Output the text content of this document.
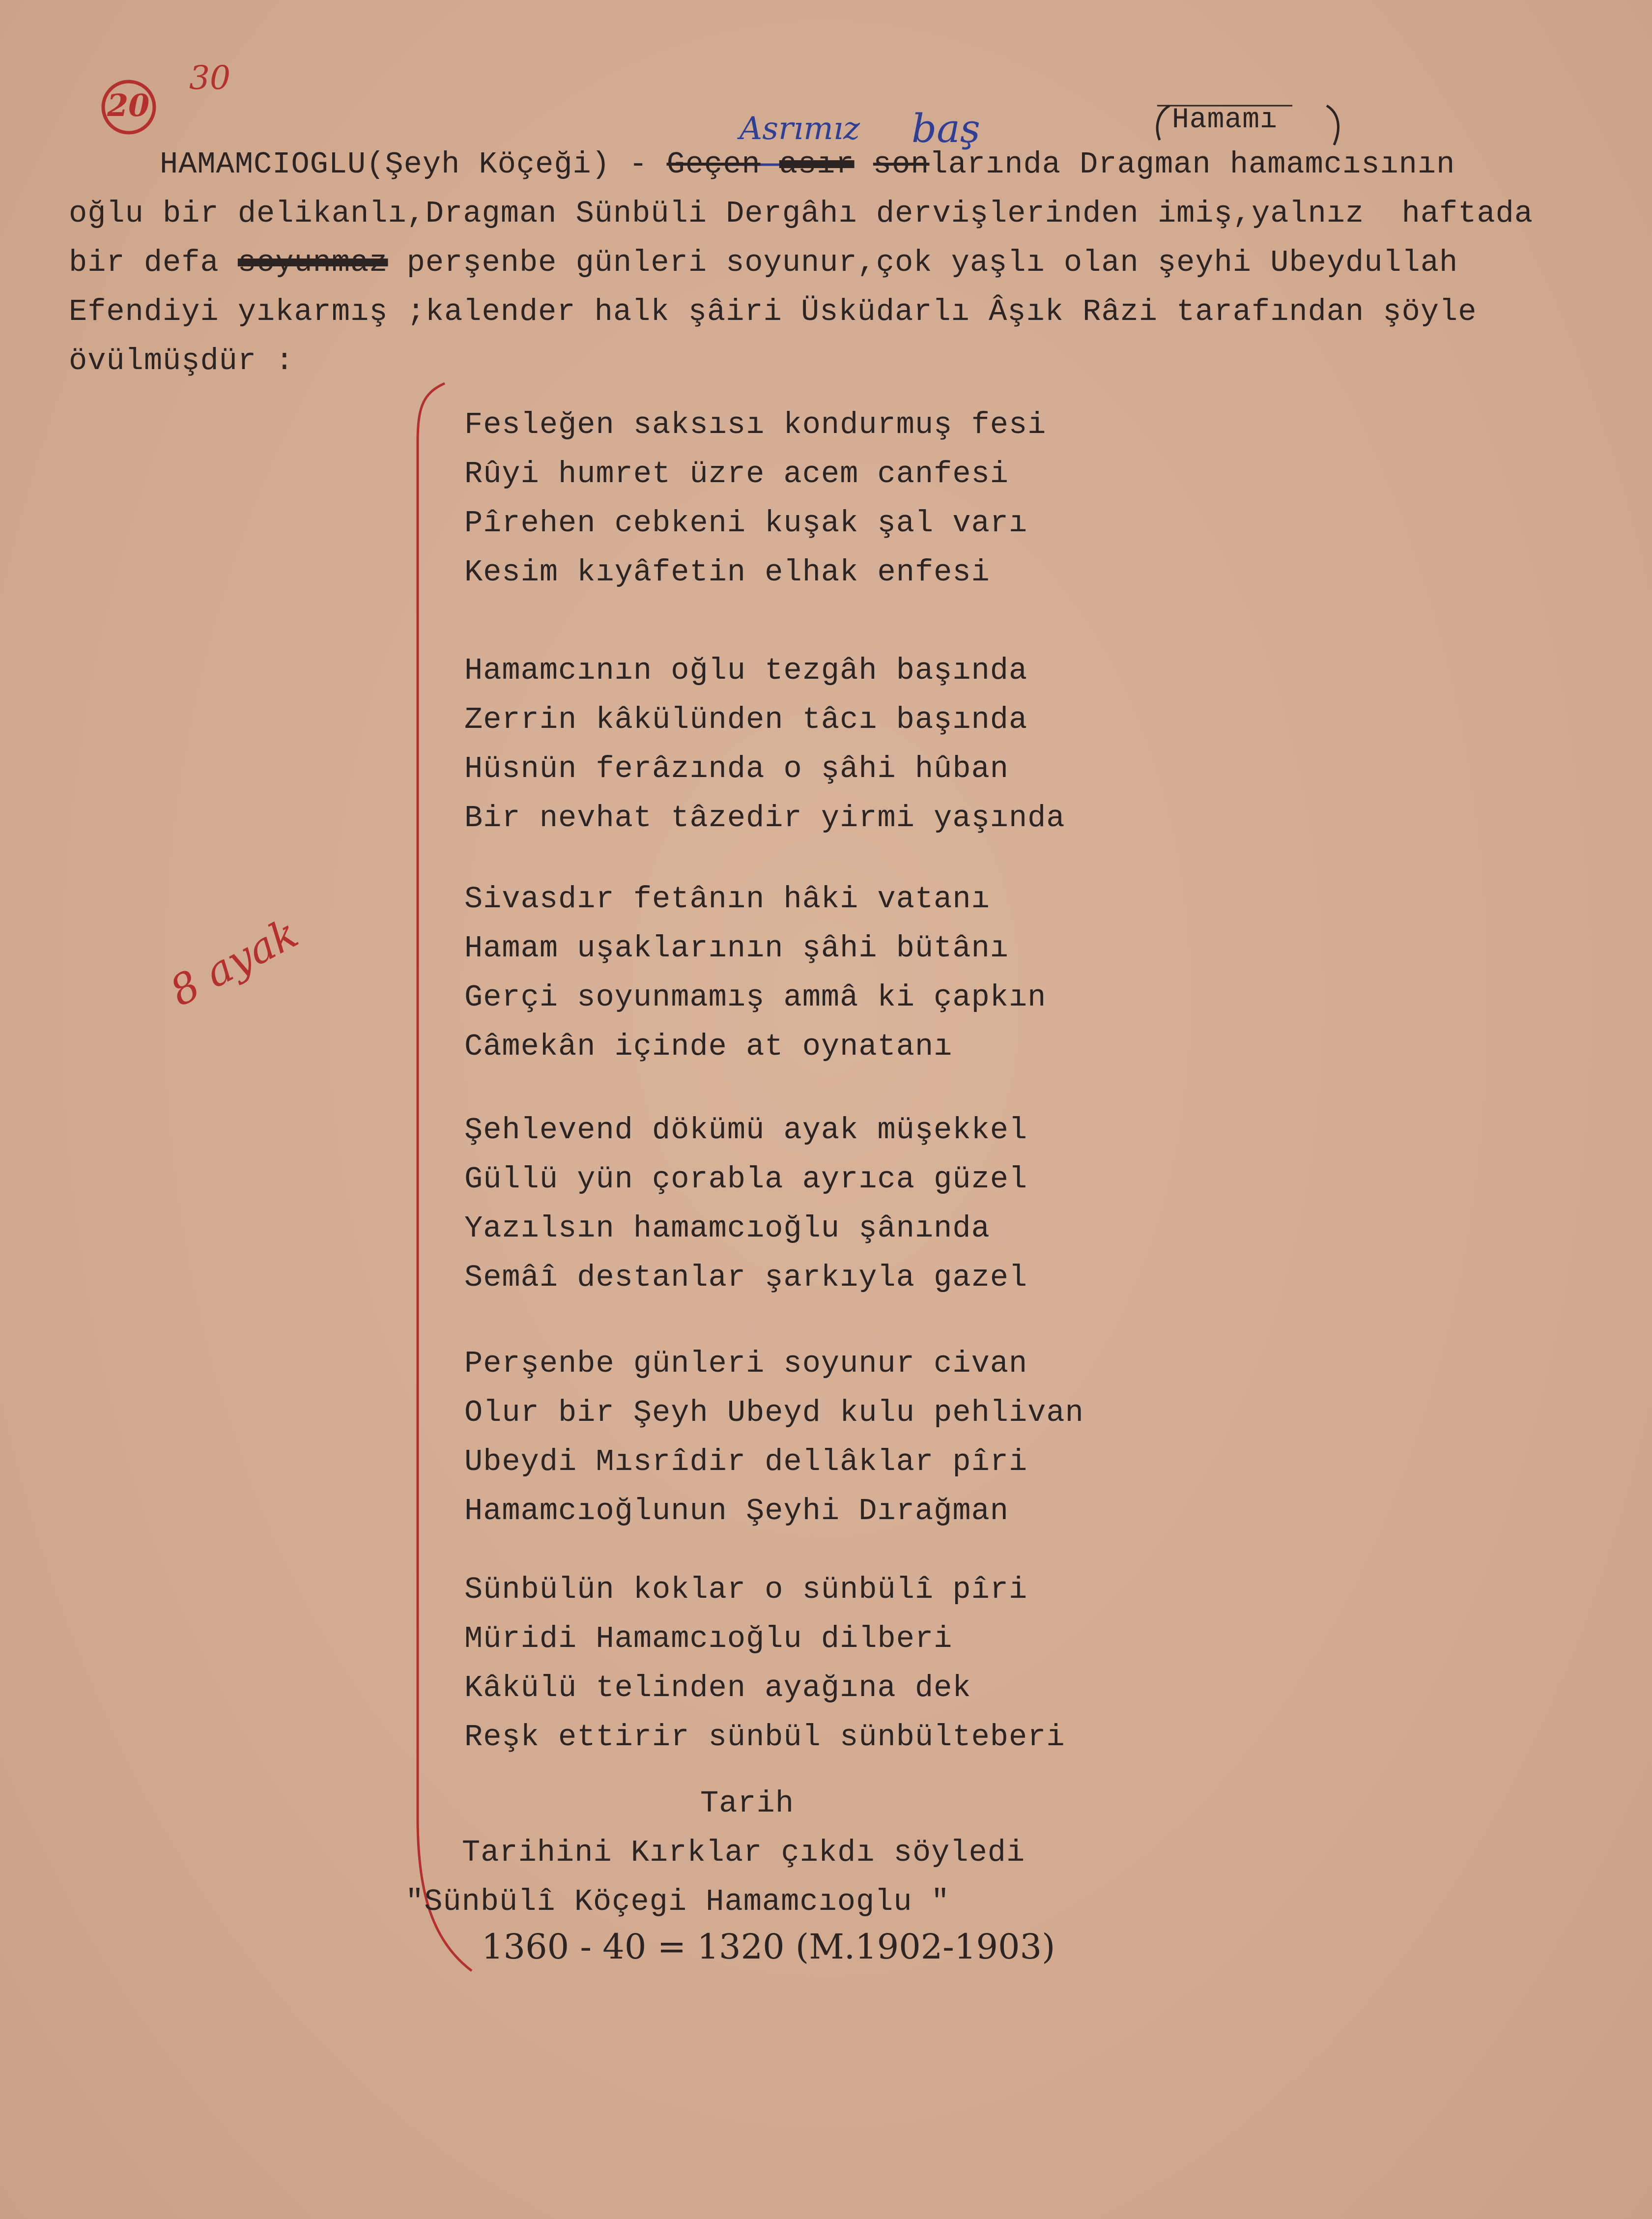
20
30
Asrımız baş	Hamamı
8 ayak
HAMAMCIOGLU(Şeyh Köçeği) - Geçen asır sonlarında Dragman hamamcısının
oğlu bir delikanlı,Dragman Sünbüli Dergâhı dervişlerinden imiş,yalnız  haftada
bir defa soyunmaz perşenbe günleri soyunur,çok yaşlı olan şeyhi Ubeydullah
Efendiyi yıkarmış ;kalender halk şâiri Üsküdarlı Âşık Râzi tarafından şöyle
övülmüşdür :
Fesleğen saksısı kondurmuş fesi
Rûyi humret üzre acem canfesi
Pîrehen cebkeni kuşak şal varı
Kesim kıyâfetin elhak enfesi
Hamamcının oğlu tezgâh başında
Zerrin kâkülünden tâcı başında
Hüsnün ferâzında o şâhi hûban
Bir nevhat tâzedir yirmi yaşında
Sivasdır fetânın hâki vatanı
Hamam uşaklarının şâhi bütânı
Gerçi soyunmamış ammâ ki çapkın
Câmekân içinde at oynatanı
Şehlevend dökümü ayak müşekkel
Güllü yün çorabla ayrıca güzel
Yazılsın hamamcıoğlu şânında
Semâî destanlar şarkıyla gazel
Perşenbe günleri soyunur civan
Olur bir Şeyh Ubeyd kulu pehlivan
Ubeydi Mısrîdir dellâklar pîri
Hamamcıoğlunun Şeyhi Dırağman
Sünbülün koklar o sünbülî pîri
Müridi Hamamcıoğlu dilberi
Kâkülü telinden ayağına dek
Reşk ettirir sünbül sünbülteberi
Tarih
Tarihini Kırklar çıkdı söyledi
"Sünbülî Köçegi Hamamcıoglu "
1360 - 40 = 1320 (M.1902-1903)
